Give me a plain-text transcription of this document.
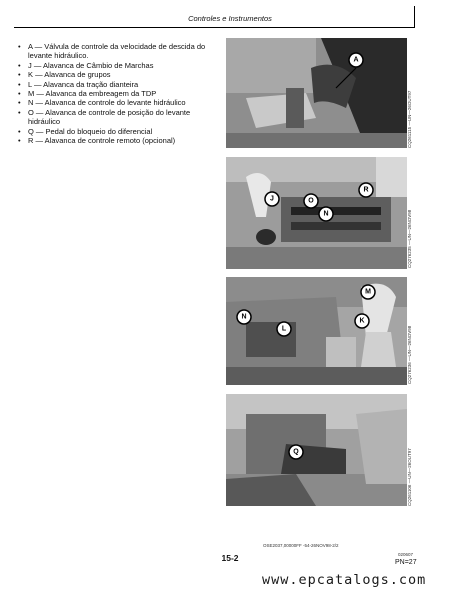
Controles e Instrumentos
• A — Válvula de controle da velocidade de descida do levante hidráulico.
• J — Alavanca de Câmbio de Marchas
• K — Alavanca de grupos
• L — Alavanca da tração dianteira
• M — Alavanca da embreagem da TDP
• N — Alavanca de controle do levante hidráulico
• O — Alavanca de controle de posição do levante hidráulico
• Q — Pedal do bloqueio do diferencial
• R — Alavanca de controle remoto (opcional)
A
CQ261115 —UN—26OUT97
J	O
R
N
CQ276235 —UN—26NOV98
M
N
L
K
CQ276236 —UN—26NOV98
Q
CQ261106 —UN—26OUT97
OSE2037,00000FF -54-26NOV98-2/2
020607
15-2	PN=27
www.epcatalogs.com
